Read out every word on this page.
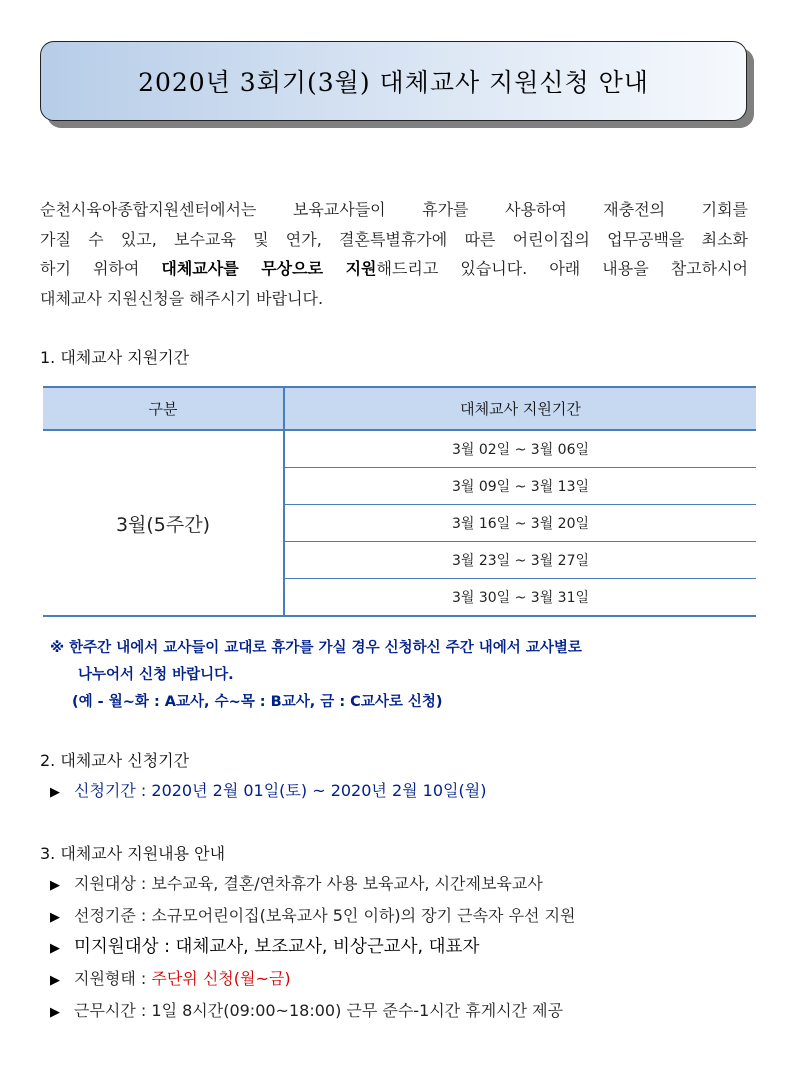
2020년 3회기(3월) 대체교사 지원신청 안내

순천시육아종합지원센터에서는 보육교사들이 휴가를 사용하여 재충전의 기회를

가질 수 있고, 보수교육 및 연가, 결혼특별휴가에 따른 어린이집의 업무공백을 최소화

하기 위하여 대체교사를 무상으로 지원해드리고 있습니다. 아래 내용을 참고하시어

대체교사 지원신청을 해주시기 바랍니다.

1. 대체교사 지원기간
구분	대체교사 지원기간
3월(5주간)	3월 02일 ~ 3월 06일
	3월 09일 ~ 3월 13일
	3월 16일 ~ 3월 20일
	3월 23일 ~ 3월 27일
	3월 30일 ~ 3월 31일
※ 한주간 내에서 교사들이 교대로 휴가를 가실 경우 신청하신 주간 내에서 교사별로
나누어서 신청 바랍니다.
(예 - 월~화 : A교사, 수~목 : B교사, 금 : C교사로 신청)
2. 대체교사 신청기간
▶ 신청기간 : 2020년 2월 01일(토) ~ 2020년 2월 10일(월)
3. 대체교사 지원내용 안내
▶ 지원대상 : 보수교육, 결혼/연차휴가 사용 보육교사, 시간제보육교사
▶ 선정기준 : 소규모어린이집(보육교사 5인 이하)의 장기 근속자 우선 지원
▶ 미지원대상 : 대체교사, 보조교사, 비상근교사, 대표자
▶ 지원형태 : 주단위 신청(월~금)
▶ 근무시간 : 1일 8시간(09:00~18:00) 근무 준수-1시간 휴게시간 제공
